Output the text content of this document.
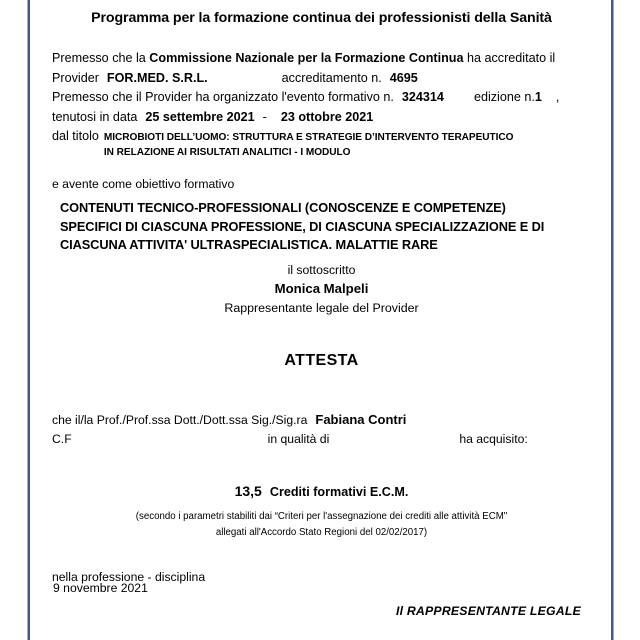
Programma per la formazione continua dei professionisti della Sanità
Premesso che la Commissione Nazionale per la Formazione Continua ha accreditato il
Provider FOR.MED. S.R.L.	accreditamento n. 4695
Premesso che il Provider ha organizzato l'evento formativo n. 324314 edizione n.1 ,
tenutosi in data 25 settembre 2021 - 23 ottobre 2021
dal titolo MICROBIOTI DELL’UOMO: STRUTTURA E STRATEGIE D’INTERVENTO TERAPEUTICO
IN RELAZIONE AI RISULTATI ANALITICI - I MODULO
e avente come obiettivo formativo
CONTENUTI TECNICO-PROFESSIONALI (CONOSCENZE E COMPETENZE)
SPECIFICI DI CIASCUNA PROFESSIONE, DI CIASCUNA SPECIALIZZAZIONE E DI
CIASCUNA ATTIVITA' ULTRASPECIALISTICA. MALATTIE RARE
il sottoscritto
Monica Malpeli
Rappresentante legale del Provider
ATTESTA
che il/la Prof./Prof.ssa Dott./Dott.ssa Sig./Sig.ra Fabiana Contri
C.F	in qualità di	ha acquisito:
13,5 Crediti formativi E.C.M.
(secondo i parametri stabiliti dai “Criteri per l'assegnazione dei crediti alle attività ECM"
allegati all'Accordo Stato Regioni del 02/02/2017)
nella professione - disciplina
9 novembre 2021
Il RAPPRESENTANTE LEGALE
